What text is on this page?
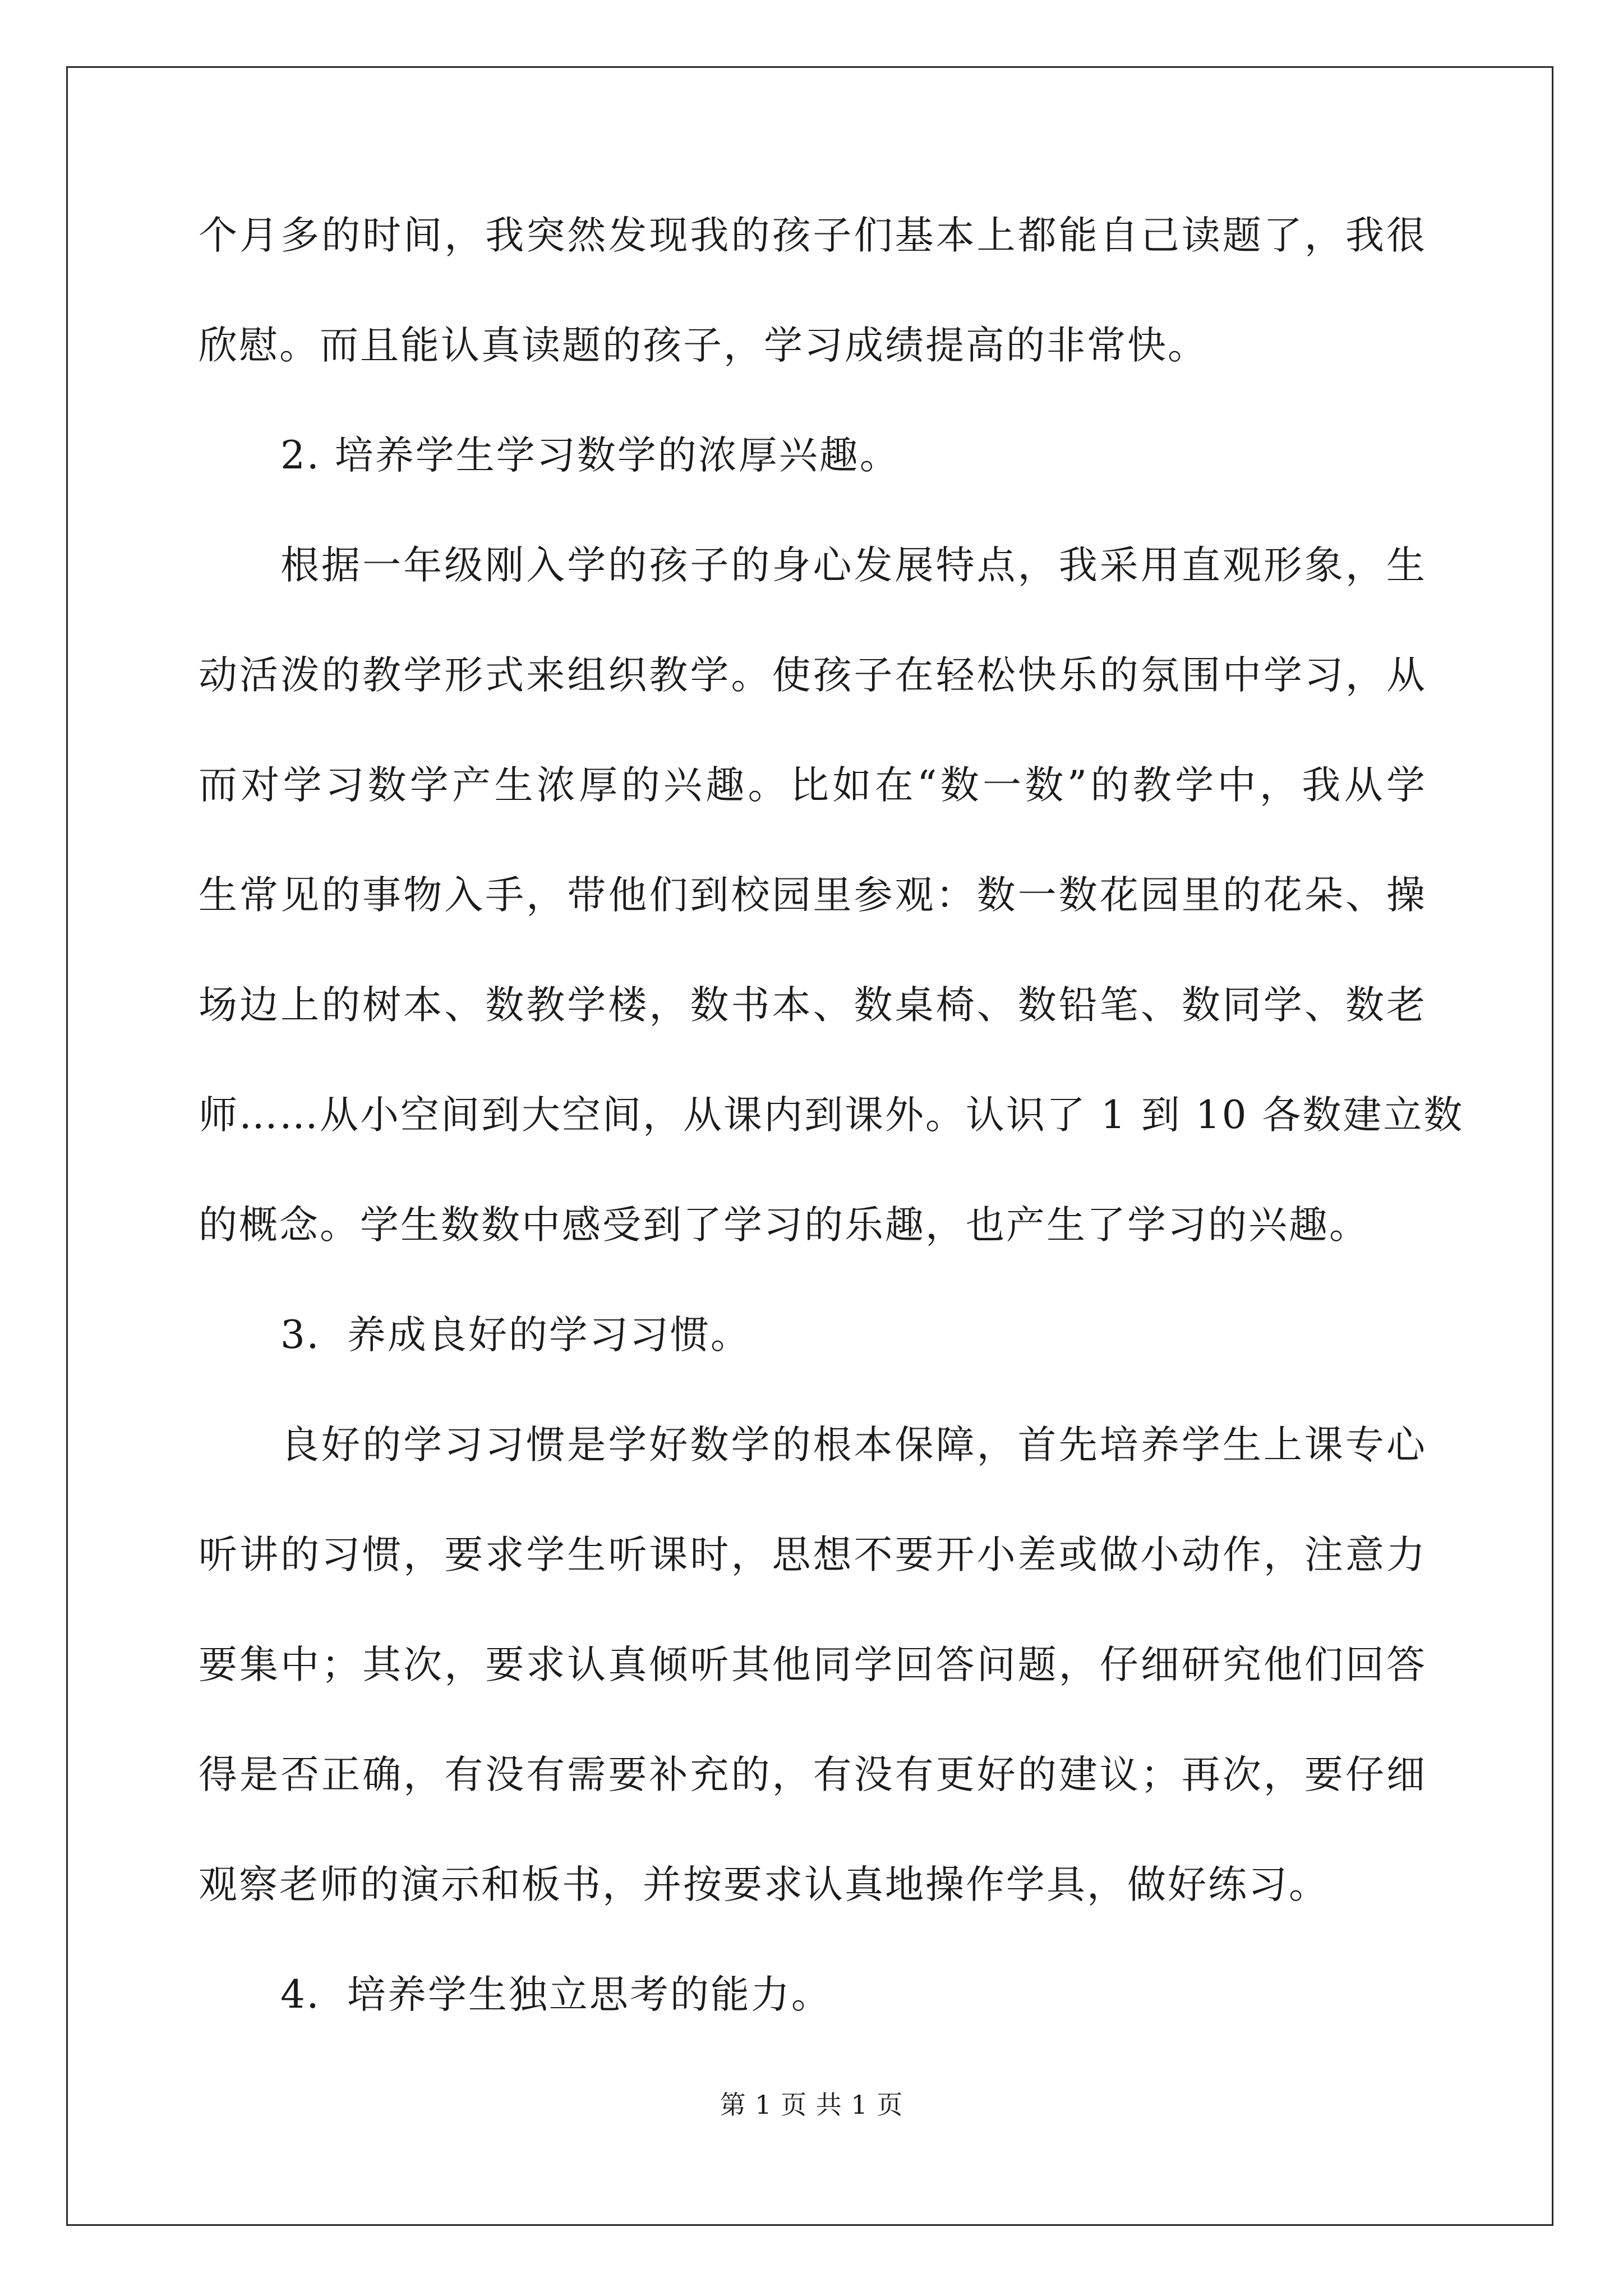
个月多的时间，我突然发现我的孩子们基本上都能自己读题了，我很
欣慰。而且能认真读题的孩子，学习成绩提高的非常快。
2. 培养学生学习数学的浓厚兴趣。
根据一年级刚入学的孩子的身心发展特点，我采用直观形象，生
动活泼的教学形式来组织教学。使孩子在轻松快乐的氛围中学习，从
而对学习数学产生浓厚的兴趣。比如在“数一数”的教学中，我从学
生常见的事物入手，带他们到校园里参观：数一数花园里的花朵、操
场边上的树本、数教学楼，数书本、数桌椅、数铅笔、数同学、数老
师……从小空间到大空间，从课内到课外。认识了 1 到 10 各数建立数
的概念。学生数数中感受到了学习的乐趣，也产生了学习的兴趣。
3．养成良好的学习习惯。
良好的学习习惯是学好数学的根本保障，首先培养学生上课专心
听讲的习惯，要求学生听课时，思想不要开小差或做小动作，注意力
要集中；其次，要求认真倾听其他同学回答问题，仔细研究他们回答
得是否正确，有没有需要补充的，有没有更好的建议；再次，要仔细
观察老师的演示和板书，并按要求认真地操作学具，做好练习。
4．培养学生独立思考的能力。
第 1 页 共 1 页
